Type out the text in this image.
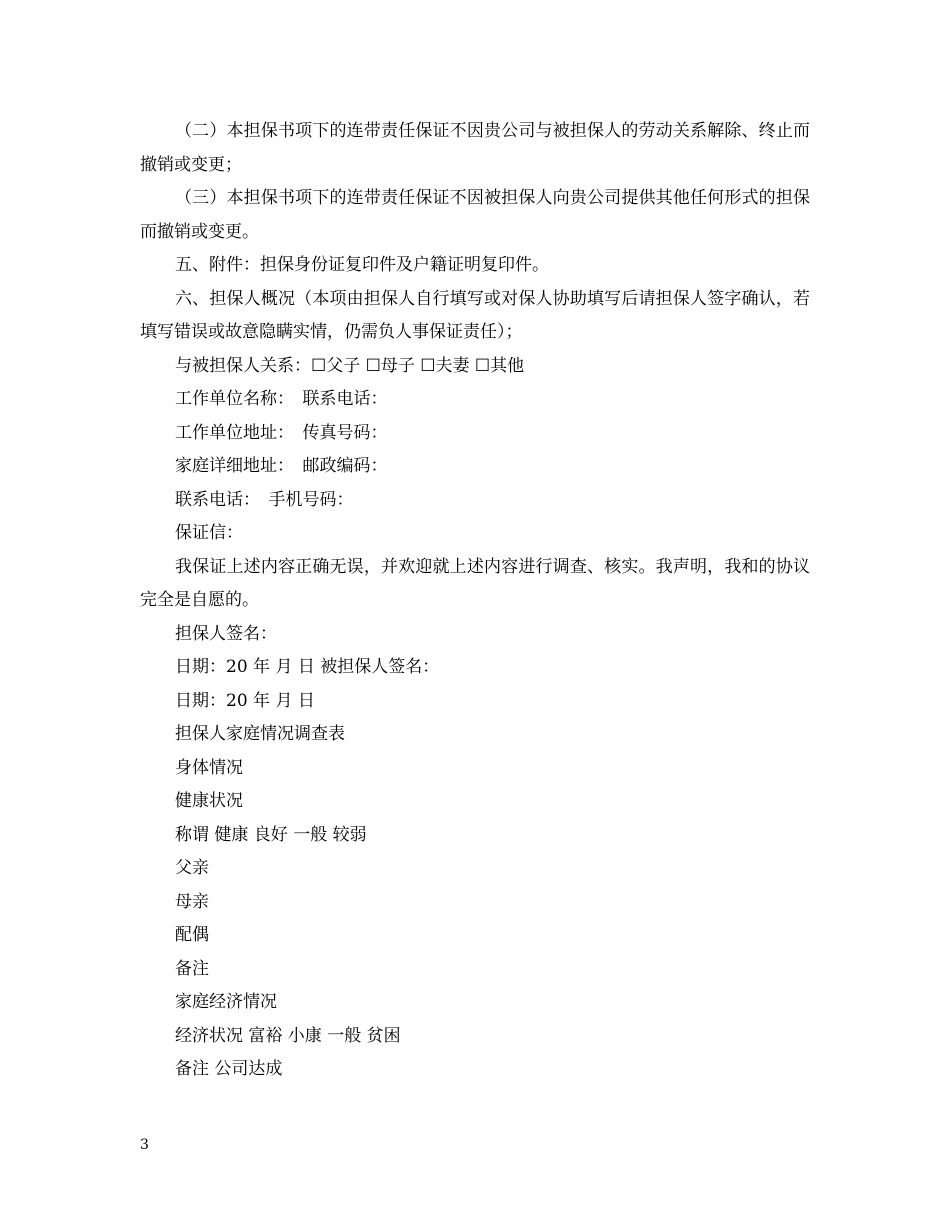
（二）本担保书项下的连带责任保证不因贵公司与被担保人的劳动关系解除、终止而撤销或变更；

（三）本担保书项下的连带责任保证不因被担保人向贵公司提供其他任何形式的担保而撤销或变更。

五、附件：担保身份证复印件及户籍证明复印件。

六、担保人概况（本项由担保人自行填写或对保人协助填写后请担保人签字确认，若填写错误或故意隐瞒实情，仍需负人事保证责任）；

与被担保人关系：☐父子 ☐母子 ☐夫妻 ☐其他

工作单位名称：　联系电话：

工作单位地址：　传真号码：

家庭详细地址：　邮政编码：

联系电话：　手机号码：

保证信：

我保证上述内容正确无误，并欢迎就上述内容进行调查、核实。我声明，我和的协议完全是自愿的。

担保人签名：

日期：20 年 月 日 被担保人签名：

日期：20 年 月 日

担保人家庭情况调查表

身体情况

健康状况

称谓 健康 良好 一般 较弱

父亲

母亲

配偶

备注

家庭经济情况

经济状况 富裕 小康 一般 贫困

备注 公司达成

3
